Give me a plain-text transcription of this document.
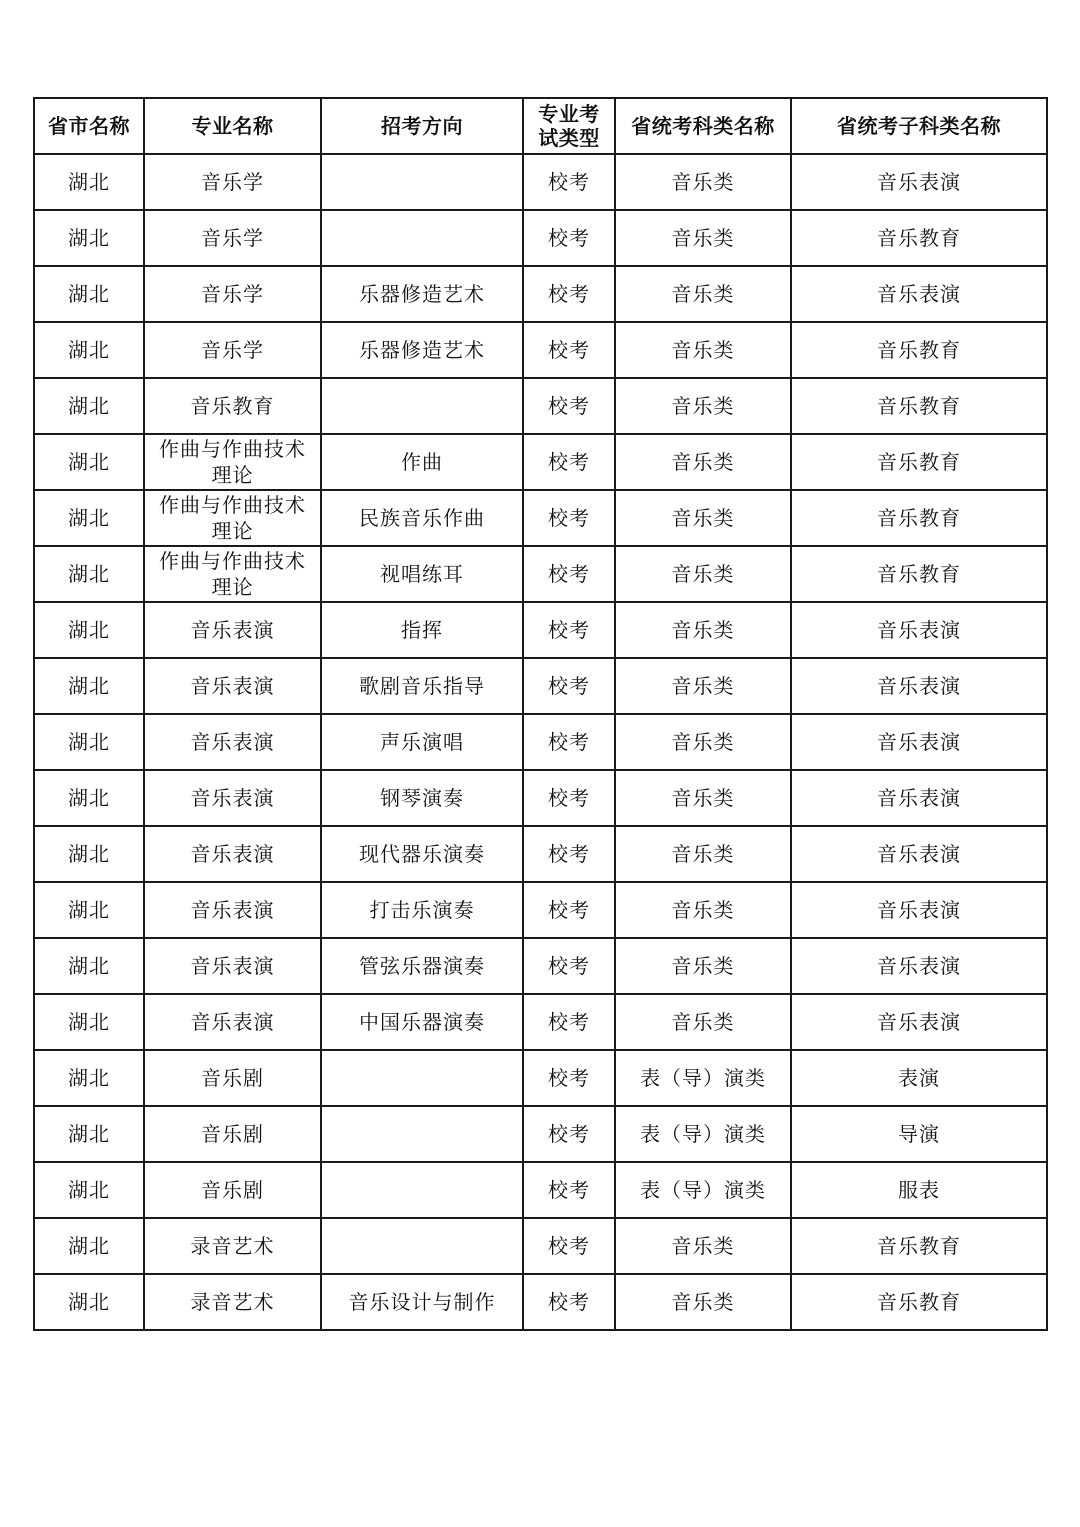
省市名称	专业名称	招考方向	专业考试类型	省统考科类名称	省统考子科类名称
湖北	音乐学		校考	音乐类	音乐表演
湖北	音乐学		校考	音乐类	音乐教育
湖北	音乐学	乐器修造艺术	校考	音乐类	音乐表演
湖北	音乐学	乐器修造艺术	校考	音乐类	音乐教育
湖北	音乐教育		校考	音乐类	音乐教育
湖北	作曲与作曲技术理论	作曲	校考	音乐类	音乐教育
湖北	作曲与作曲技术理论	民族音乐作曲	校考	音乐类	音乐教育
湖北	作曲与作曲技术理论	视唱练耳	校考	音乐类	音乐教育
湖北	音乐表演	指挥	校考	音乐类	音乐表演
湖北	音乐表演	歌剧音乐指导	校考	音乐类	音乐表演
湖北	音乐表演	声乐演唱	校考	音乐类	音乐表演
湖北	音乐表演	钢琴演奏	校考	音乐类	音乐表演
湖北	音乐表演	现代器乐演奏	校考	音乐类	音乐表演
湖北	音乐表演	打击乐演奏	校考	音乐类	音乐表演
湖北	音乐表演	管弦乐器演奏	校考	音乐类	音乐表演
湖北	音乐表演	中国乐器演奏	校考	音乐类	音乐表演
湖北	音乐剧		校考	表（导）演类	表演
湖北	音乐剧		校考	表（导）演类	导演
湖北	音乐剧		校考	表（导）演类	服表
湖北	录音艺术		校考	音乐类	音乐教育
湖北	录音艺术	音乐设计与制作	校考	音乐类	音乐教育
